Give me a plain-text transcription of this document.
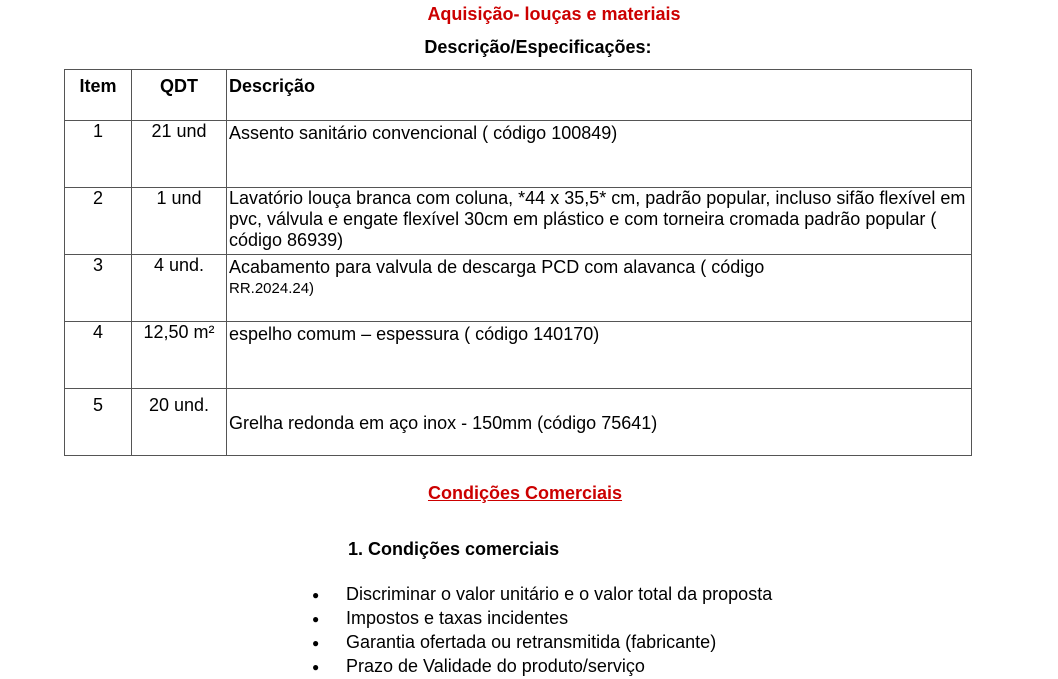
Aquisição- louças e materiais
Descrição/Especificações:
Item	QDT	Descrição
1	21 und	Assento sanitário convencional ( código 100849)
2	1 und	Lavatório louça branca com coluna, *44 x 35,5* cm, padrão popular, incluso sifão flexível em pvc, válvula e engate flexível 30cm em plástico e com torneira cromada padrão popular ( código 86939)
3	4 und.	Acabamento para valvula de descarga PCD com alavanca ( código
RR.2024.24)

4	12,50 m²	espelho comum – espessura ( código 140170)
5	20 und.	Grelha redonda em aço inox - 150mm (código 75641)
Condições Comerciais
1. Condições comerciais
● Discriminar o valor unitário e o valor total da proposta
● Impostos e taxas incidentes
● Garantia ofertada ou retransmitida (fabricante)
● Prazo de Validade do produto/serviço
